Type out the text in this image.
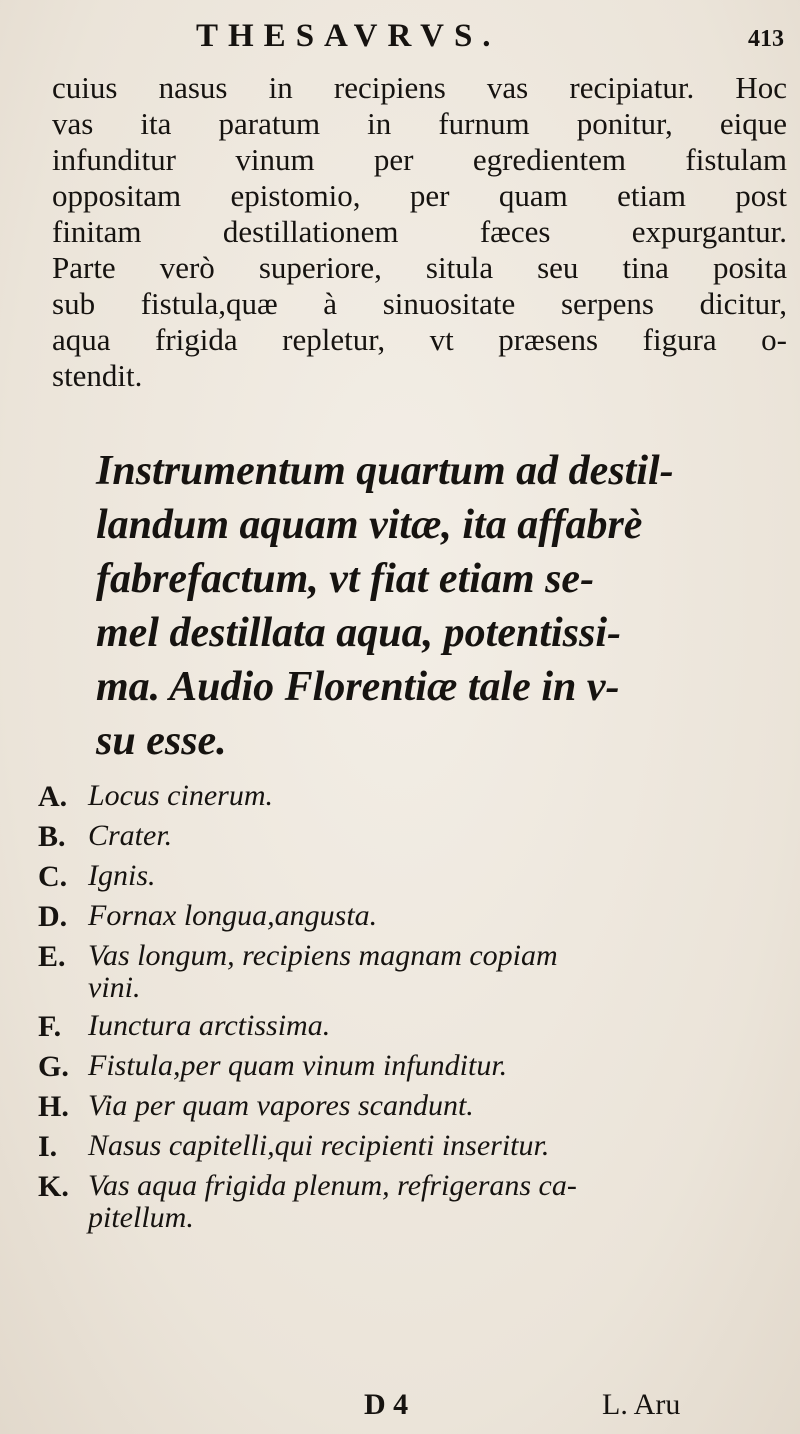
THESAVRVS.	413
cuius nasus in recipiens vas recipiatur. Hoc
vas ita paratum in furnum ponitur, eique
infunditur vinum per egredientem fistulam
oppositam epistomio, per quam etiam post
finitam destillationem fæces expurgantur.
Parte verò superiore, situla seu tina posita
sub fistula,quæ à sinuositate serpens dicitur,
aqua frigida repletur, vt præsens figura o-
stendit.
Instrumentum quartum ad destil-
landum aquam vitæ, ita affabrè
fabrefactum, vt fiat etiam se-
mel destillata aqua, potentissi-
ma. Audio Florentiæ tale in v-
su esse.
A. Locus cinerum.
B. Crater.
C. Ignis.
D. Fornax longua,angusta.
E. Vas longum, recipiens magnam copiam
vini.
F. Iunctura arctissima.
G. Fistula,per quam vinum infunditur.
H. Via per quam vapores scandunt.
I.	Nasus capitelli,qui recipienti inseritur.
K. Vas aqua frigida plenum, refrigerans ca-
pitellum.
D 4	L. Aru
